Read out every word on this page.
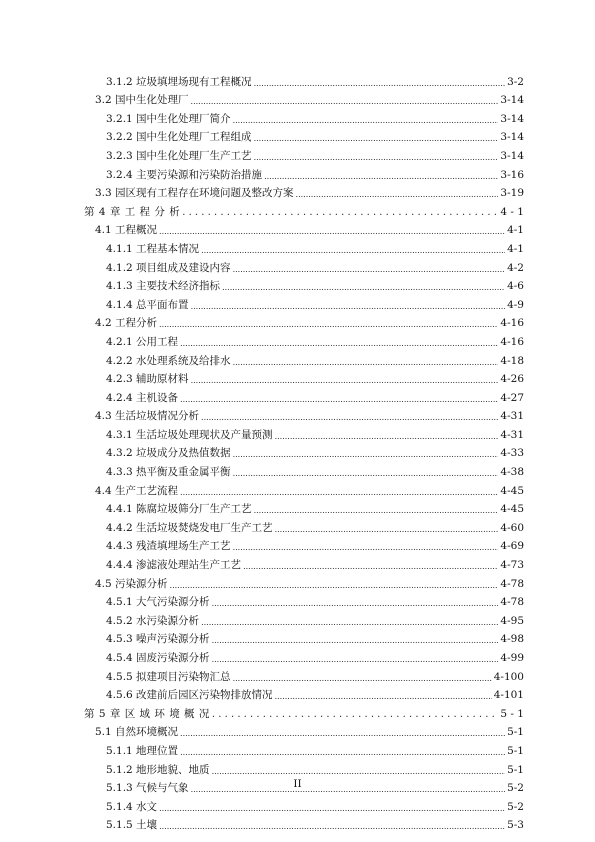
3.1.2 垃圾填埋场现有工程概况 .....	3-2
3.2 国中生化处理厂 .....	3-14
3.2.1 国中生化处理厂简介 .....	3-14
3.2.2 国中生化处理厂工程组成 .....	3-14
3.2.3 国中生化处理厂生产工艺 .....	3-14
3.2.4 主要污染源和污染防治措施 .....	3-16
3.3 园区现有工程存在环境问题及整改方案 .....	3-19
第 4 章 工 程 分 析 . . .	4 - 1
4.1 工程概况 .....	4-1
4.1.1 工程基本情况 .....	4-1
4.1.2 项目组成及建设内容 .....	4-2
4.1.3 主要技术经济指标 .....	4-6
4.1.4 总平面布置 .....	4-9
4.2 工程分析 .....	4-16
4.2.1 公用工程 .....	4-16
4.2.2 水处理系统及给排水 .....	4-18
4.2.3 辅助原材料 .....	4-26
4.2.4 主机设备 .....	4-27
4.3 生活垃圾情况分析 .....	4-31
4.3.1 生活垃圾处理现状及产量预测 .....	4-31
4.3.2 垃圾成分及热值数据 .....	4-33
4.3.3 热平衡及重金属平衡 .....	4-38
4.4 生产工艺流程 .....	4-45
4.4.1 陈腐垃圾筛分厂生产工艺 .....	4-45
4.4.2 生活垃圾焚烧发电厂生产工艺 .....	4-60
4.4.3 残渣填埋场生产工艺 .....	4-69
4.4.4 渗滤液处理站生产工艺 .....	4-73
4.5 污染源分析 .....	4-78
4.5.1 大气污染源分析 .....	4-78
4.5.2 水污染源分析 .....	4-95
4.5.3 噪声污染源分析 .....	4-98
4.5.4 固废污染源分析 .....	4-99
4.5.5 拟建项目污染物汇总 .....	4-100
4.5.6 改建前后园区污染物排放情况 .....	4-101
第 5 章 区 域 环 境 概 况 . . .	5 - 1
5.1 自然环境概况 .....	5-1
5.1.1 地理位置 .....	5-1
5.1.2 地形地貌、地质 .....	5-1
5.1.3 气候与气象 .....	5-2
5.1.4 水文 .....	5-2
5.1.5 土壤 .....	5-3
II
